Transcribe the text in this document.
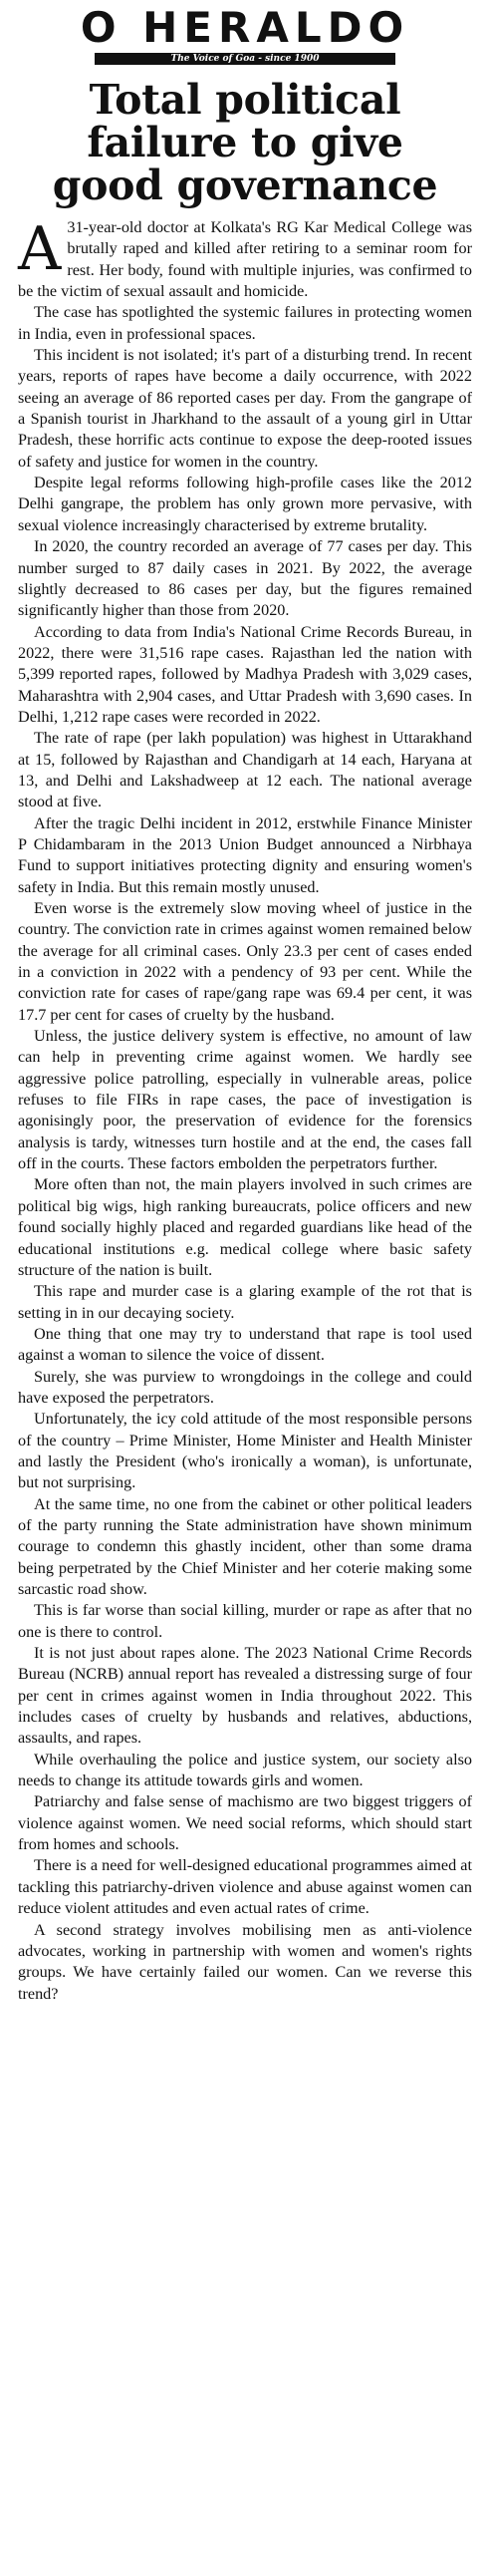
O HERALDO
The Voice of Goa - since 1900
Total political
failure to give
good governance

A 31-year-old doctor at Kolkata's RG Kar Medical College was brutally raped and killed after retiring to a seminar room for rest. Her body, found with multiple injuries, was confirmed to be the victim of sexual assault and homicide.

The case has spotlighted the systemic failures in protecting women in India, even in professional spaces.

This incident is not isolated; it's part of a disturbing trend. In recent years, reports of rapes have become a daily occurrence, with 2022 seeing an average of 86 reported cases per day. From the gangrape of a Spanish tourist in Jharkhand to the assault of a young girl in Uttar Pradesh, these horrific acts continue to expose the deep-rooted issues of safety and justice for women in the country.

Despite legal reforms following high-profile cases like the 2012 Delhi gangrape, the problem has only grown more pervasive, with sexual violence increasingly characterised by extreme brutality.

In 2020, the country recorded an average of 77 cases per day. This number surged to 87 daily cases in 2021. By 2022, the average slightly decreased to 86 cases per day, but the figures remained significantly higher than those from 2020.

According to data from India's National Crime Records Bureau, in 2022, there were 31,516 rape cases. Rajasthan led the nation with 5,399 reported rapes, followed by Madhya Pradesh with 3,029 cases, Maharashtra with 2,904 cases, and Uttar Pradesh with 3,690 cases. In Delhi, 1,212 rape cases were recorded in 2022.

The rate of rape (per lakh population) was highest in Uttarakhand at 15, followed by Rajasthan and Chandigarh at 14 each, Haryana at 13, and Delhi and Lakshadweep at 12 each. The national average stood at five.

After the tragic Delhi incident in 2012, erstwhile Finance Minister P Chidambaram in the 2013 Union Budget announced a Nirbhaya Fund to support initiatives protecting dignity and ensuring women's safety in India. But this remain mostly unused.

Even worse is the extremely slow moving wheel of justice in the country. The conviction rate in crimes against women remained below the average for all criminal cases. Only 23.3 per cent of cases ended in a conviction in 2022 with a pendency of 93 per cent. While the conviction rate for cases of rape/gang rape was 69.4 per cent, it was 17.7 per cent for cases of cruelty by the husband.

Unless, the justice delivery system is effective, no amount of law can help in preventing crime against women. We hardly see aggressive police patrolling, especially in vulnerable areas, police refuses to file FIRs in rape cases, the pace of investigation is agonisingly poor, the preservation of evidence for the forensics analysis is tardy, witnesses turn hostile and at the end, the cases fall off in the courts. These factors embolden the perpetrators further.

More often than not, the main players involved in such crimes are political big wigs, high ranking bureaucrats, police officers and new found socially highly placed and regarded guardians like head of the educational institutions e.g. medical college where basic safety structure of the nation is built.

This rape and murder case is a glaring example of the rot that is setting in in our decaying society.

One thing that one may try to understand that rape is tool used against a woman to silence the voice of dissent.

Surely, she was purview to wrongdoings in the college and could have exposed the perpetrators.

Unfortunately, the icy cold attitude of the most responsible persons of the country – Prime Minister, Home Minister and Health Minister and lastly the President (who's ironically a woman), is unfortunate, but not surprising.

At the same time, no one from the cabinet or other political leaders of the party running the State administration have shown minimum courage to condemn this ghastly incident, other than some drama being perpetrated by the Chief Minister and her coterie making some sarcastic road show.

This is far worse than social killing, murder or rape as after that no one is there to control.

It is not just about rapes alone. The 2023 National Crime Records Bureau (NCRB) annual report has revealed a distressing surge of four per cent in crimes against women in India throughout 2022. This includes cases of cruelty by husbands and relatives, abductions, assaults, and rapes.

While overhauling the police and justice system, our society also needs to change its attitude towards girls and women.

Patriarchy and false sense of machismo are two biggest triggers of violence against women. We need social reforms, which should start from homes and schools.

There is a need for well-designed educational programmes aimed at tackling this patriarchy-driven violence and abuse against women can reduce violent attitudes and even actual rates of crime.

A second strategy involves mobilising men as anti-violence advocates, working in partnership with women and women's rights groups. We have certainly failed our women. Can we reverse this trend?
